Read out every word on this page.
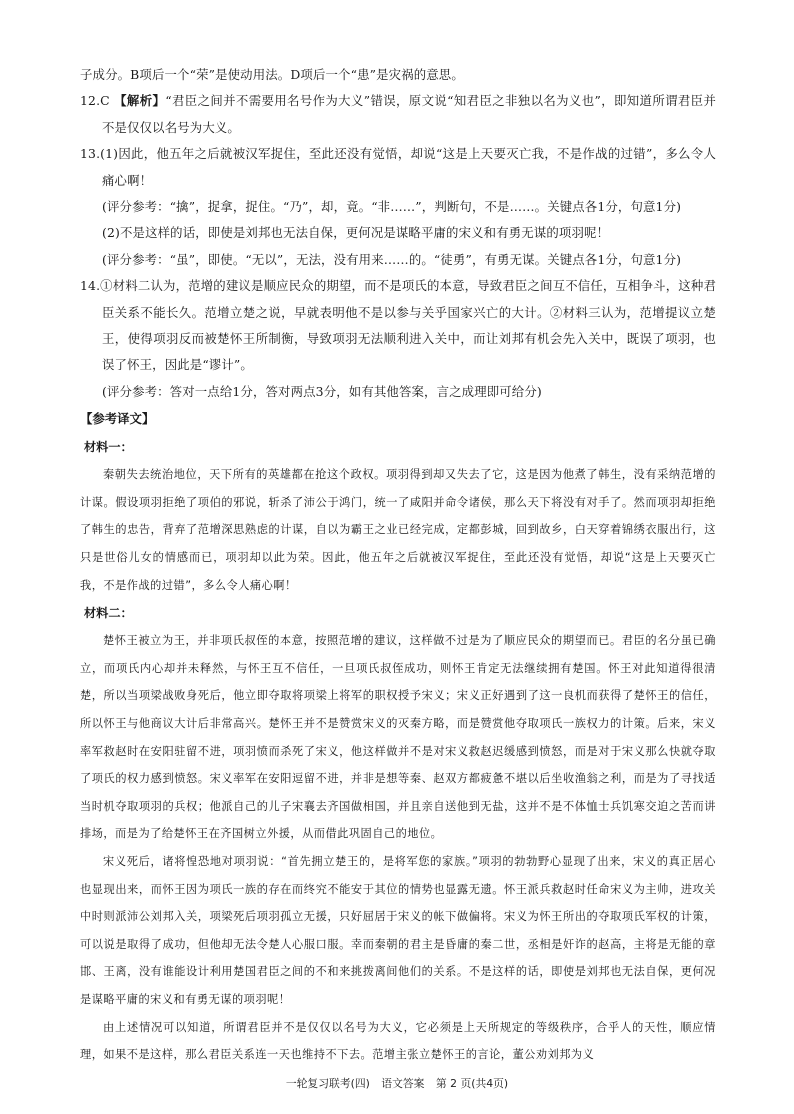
子成分。B项后一个“荣”是使动用法。D项后一个“患”是灾祸的意思。

12.C 【解析】“君臣之间并不需要用名号作为大义”错误，原文说“知君臣之非独以名为义也”，即知道所谓君臣并不是仅仅以名号为大义。

13.(1)因此，他五年之后就被汉军捉住，至此还没有觉悟，却说“这是上天要灭亡我，不是作战的过错”，多么令人痛心啊！

(评分参考：“擒”，捉拿，捉住。“乃”，却，竟。“非……”，判断句，不是……。关键点各1分，句意1分)

(2)不是这样的话，即使是刘邦也无法自保，更何况是谋略平庸的宋义和有勇无谋的项羽呢！

(评分参考：“虽”，即使。“无以”，无法，没有用来……的。“徒勇”，有勇无谋。关键点各1分，句意1分)

14.①材料二认为，范增的建议是顺应民众的期望，而不是项氏的本意，导致君臣之间互不信任，互相争斗，这种君臣关系不能长久。范增立楚之说，早就表明他不是以参与关乎国家兴亡的大计。②材料三认为，范增提议立楚王，使得项羽反而被楚怀王所制衡，导致项羽无法顺利进入关中，而让刘邦有机会先入关中，既误了项羽，也误了怀王，因此是“谬计”。

(评分参考：答对一点给1分，答对两点3分，如有其他答案，言之成理即可给分)

【参考译文】

材料一：

秦朝失去统治地位，天下所有的英雄都在抢这个政权。项羽得到却又失去了它，这是因为他煮了韩生，没有采纳范增的计谋。假设项羽拒绝了项伯的邪说，斩杀了沛公于鸿门，统一了咸阳并命令诸侯，那么天下将没有对手了。然而项羽却拒绝了韩生的忠告，背弃了范增深思熟虑的计谋，自以为霸王之业已经完成，定都彭城，回到故乡，白天穿着锦绣衣服出行，这只是世俗儿女的情感而已，项羽却以此为荣。因此，他五年之后就被汉军捉住，至此还没有觉悟，却说“这是上天要灭亡我，不是作战的过错”，多么令人痛心啊！

材料二：

楚怀王被立为王，并非项氏叔侄的本意，按照范增的建议，这样做不过是为了顺应民众的期望而已。君臣的名分虽已确立，而项氏内心却并未释然，与怀王互不信任，一旦项氏叔侄成功，则怀王肯定无法继续拥有楚国。怀王对此知道得很清楚，所以当项梁战败身死后，他立即夺取将项梁上将军的职权授予宋义；宋义正好遇到了这一良机而获得了楚怀王的信任，所以怀王与他商议大计后非常高兴。楚怀王并不是赞赏宋义的灭秦方略，而是赞赏他夺取项氏一族权力的计策。后来，宋义率军救赵时在安阳驻留不进，项羽愤而杀死了宋义，他这样做并不是对宋义救赵迟缓感到愤怒，而是对于宋义那么快就夺取了项氏的权力感到愤怒。宋义率军在安阳逗留不进，并非是想等秦、赵双方都疲惫不堪以后坐收渔翁之利，而是为了寻找适当时机夺取项羽的兵权；他派自己的儿子宋襄去齐国做相国，并且亲自送他到无盐，这并不是不体恤士兵饥寒交迫之苦而讲排场，而是为了给楚怀王在齐国树立外援，从而借此巩固自己的地位。

宋义死后，诸将惶恐地对项羽说：“首先拥立楚王的，是将军您的家族。”项羽的勃勃野心显现了出来，宋义的真正居心也显现出来，而怀王因为项氏一族的存在而终究不能安于其位的情势也显露无遗。怀王派兵救赵时任命宋义为主帅，进攻关中时则派沛公刘邦入关，项梁死后项羽孤立无援，只好屈居于宋义的帐下做偏将。宋义为怀王所出的夺取项氏军权的计策，可以说是取得了成功，但他却无法令楚人心服口服。幸而秦朝的君主是昏庸的秦二世，丞相是奸诈的赵高，主将是无能的章邯、王离，没有谁能设计利用楚国君臣之间的不和来挑拨离间他们的关系。不是这样的话，即使是刘邦也无法自保，更何况是谋略平庸的宋义和有勇无谋的项羽呢！

由上述情况可以知道，所谓君臣并不是仅仅以名号为大义，它必须是上天所规定的等级秩序，合乎人的天性，顺应情理，如果不是这样，那么君臣关系连一天也维持不下去。范增主张立楚怀王的言论，董公劝刘邦为义

一轮复习联考(四) 语文答案 第 2 页(共4页)
